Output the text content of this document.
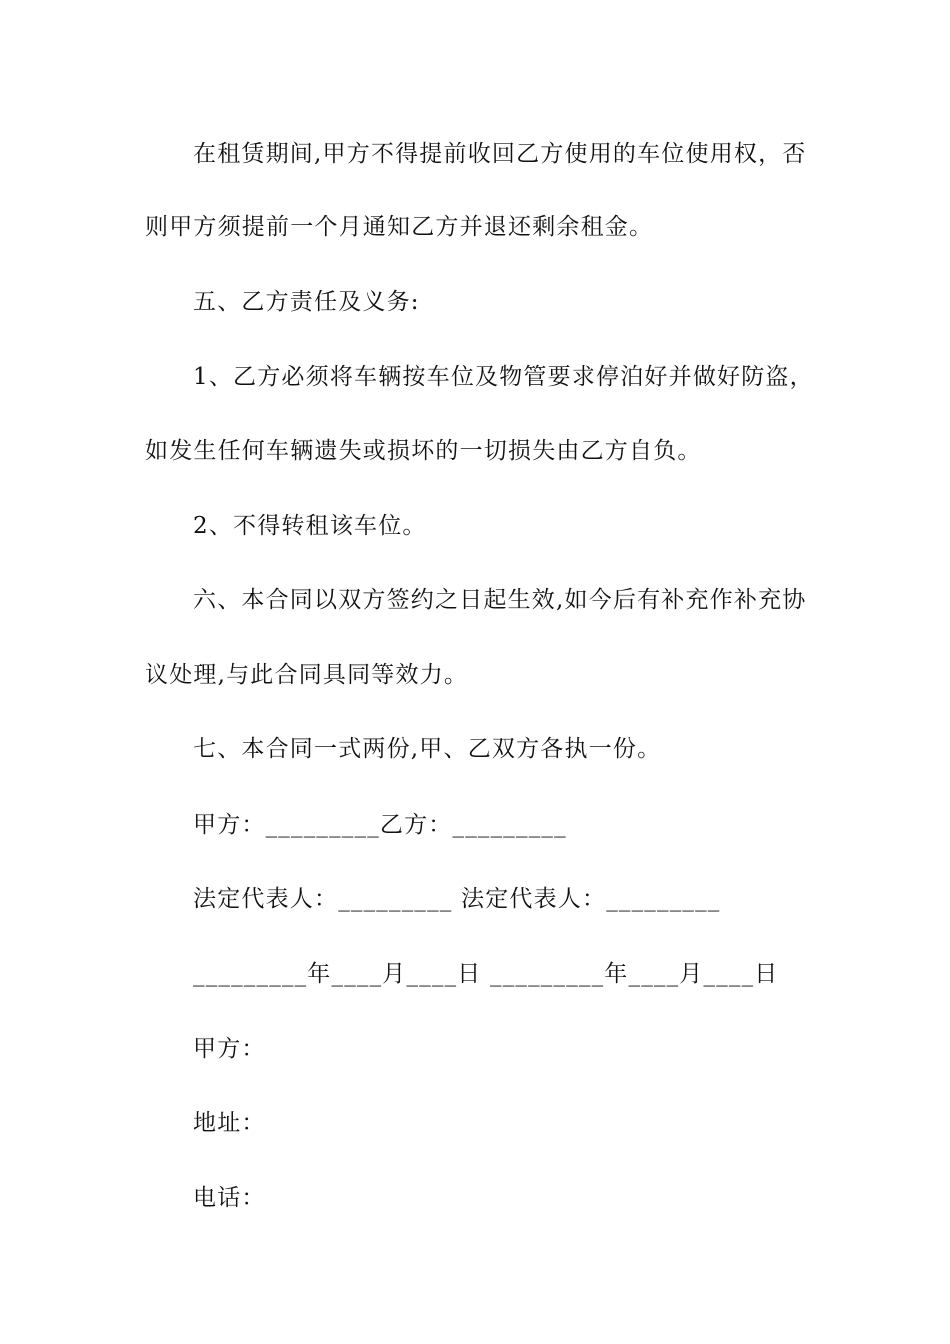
在租赁期间,甲方不得提前收回乙方使用的车位使用权，否
则甲方须提前一个月通知乙方并退还剩余租金。
五、乙方责任及义务:
1、乙方必须将车辆按车位及物管要求停泊好并做好防盗，
如发生任何车辆遗失或损坏的一切损失由乙方自负。
2、不得转租该车位。
六、本合同以双方签约之日起生效,如今后有补充作补充协
议处理,与此合同具同等效力。
七、本合同一式两份,甲、乙双方各执一份。
甲方：_________乙方：_________
法定代表人：_________ 法定代表人：_________
_________年____月____日 _________年____月____日
甲方：
地址：
电话：
